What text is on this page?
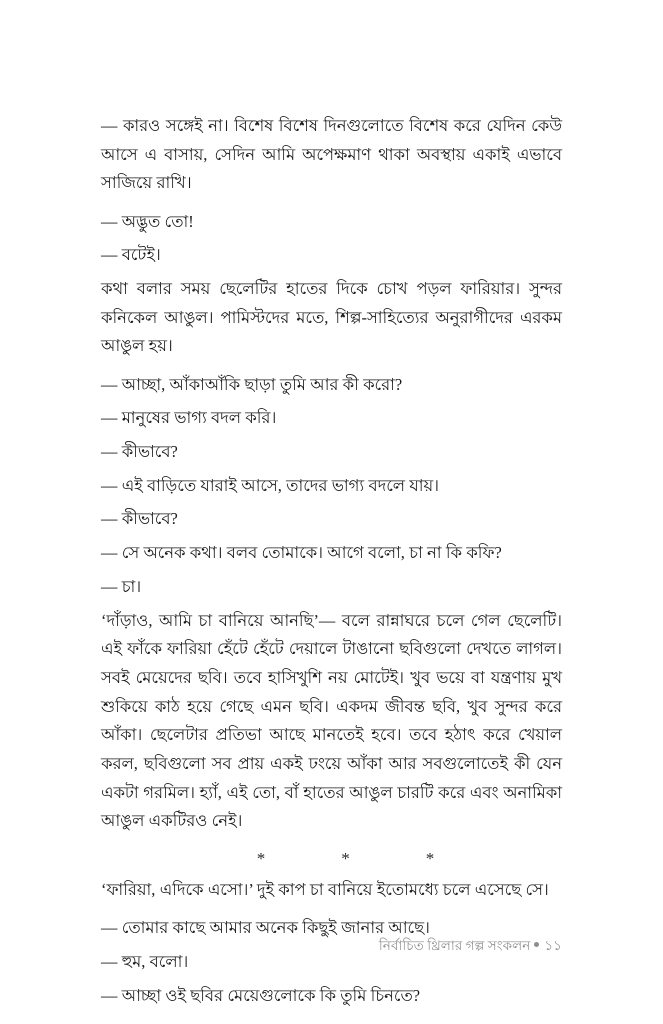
— কারও সঙ্গেই না। বিশেষ বিশেষ দিনগুলোতে বিশেষ করে যেদিন কেউ আসে এ বাসায়, সেদিন আমি অপেক্ষমাণ থাকা অবস্থায় একাই এভাবে সাজিয়ে রাখি।

— অদ্ভুত তো!

— বটেই।

কথা বলার সময় ছেলেটির হাতের দিকে চোখ পড়ল ফারিয়ার। সুন্দর কনিকেল আঙুল। পামিস্টদের মতে, শিল্প-সাহিত্যের অনুরাগীদের এরকম আঙুল হয়।

— আচ্ছা, আঁকাআঁকি ছাড়া তুমি আর কী করো?

— মানুষের ভাগ্য বদল করি।

— কীভাবে?

— এই বাড়িতে যারাই আসে, তাদের ভাগ্য বদলে যায়।

— কীভাবে?

— সে অনেক কথা। বলব তোমাকে। আগে বলো, চা না কি কফি?

— চা।

‘দাঁড়াও, আমি চা বানিয়ে আনছি’— বলে রান্নাঘরে চলে গেল ছেলেটি। এই ফাঁকে ফারিয়া হেঁটে হেঁটে দেয়ালে টাঙানো ছবিগুলো দেখতে লাগল। সবই মেয়েদের ছবি। তবে হাসিখুশি নয় মোটেই। খুব ভয়ে বা যন্ত্রণায় মুখ শুকিয়ে কাঠ হয়ে গেছে এমন ছবি। একদম জীবন্ত ছবি, খুব সুন্দর করে আঁকা। ছেলেটার প্রতিভা আছে মানতেই হবে। তবে হঠাৎ করে খেয়াল করল, ছবিগুলো সব প্রায় একই ঢংয়ে আঁকা আর সবগুলোতেই কী যেন একটা গরমিল। হ্যাঁ, এই তো, বাঁ হাতের আঙুল চারটি করে এবং অনামিকা আঙুল একটিরও নেই।

*	*	*

‘ফারিয়া, এদিকে এসো।’ দুই কাপ চা বানিয়ে ইতোমধ্যে চলে এসেছে সে।

— তোমার কাছে আমার অনেক কিছুই জানার আছে।

— হুম, বলো।

— আচ্ছা ওই ছবির মেয়েগুলোকে কি তুমি চিনতে?

নির্বাচিত থ্রিলার গল্প সংকলন ১১
